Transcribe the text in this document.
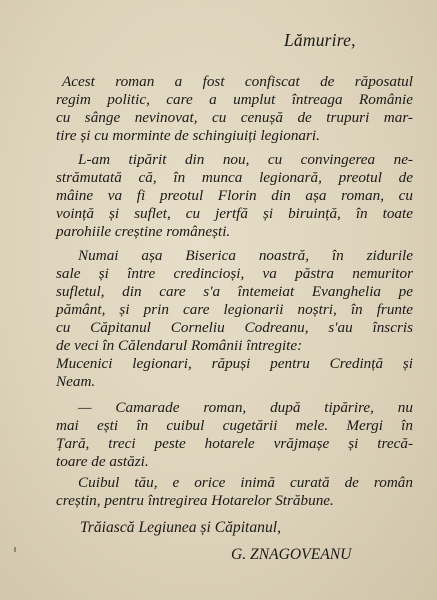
Lămurire,
Acest roman a fost confiscat de răposatul
regim politic, care a umplut întreaga Românie
cu sânge nevinovat, cu cenușă de trupuri mar-
tire și cu morminte de schingiuiți legionari.
L-am tipărit din nou, cu convingerea ne-
strămutată că, în munca legionară, preotul de
mâine va fi preotul Florin din așa roman, cu
voință și suflet, cu jertfă și biruință, în toate
parohiile creștine românești.
Numai așa Biserica noastră, în zidurile
sale și între credincioși, va păstra nemuritor
sufletul, din care s'a întemeiat Evanghelia pe
pământ, și prin care legionarii noștri, în frunte
cu Căpitanul Corneliu Codreanu, s'au înscris
de veci în Călendarul Românii întregite:
Mucenici legionari, răpuși pentru Credință și
Neam.
— Camarade roman, după tipărire, nu
mai ești în cuibul cugetării mele. Mergi în
Țară, treci peste hotarele vrăjmașe și trecă-
toare de astăzi.
Cuibul tău, e orice inimă curată de român
creștin, pentru întregirea Hotarelor Străbune.
Trăiască Legiunea și Căpitanul,
G. ZNAGOVEANU
